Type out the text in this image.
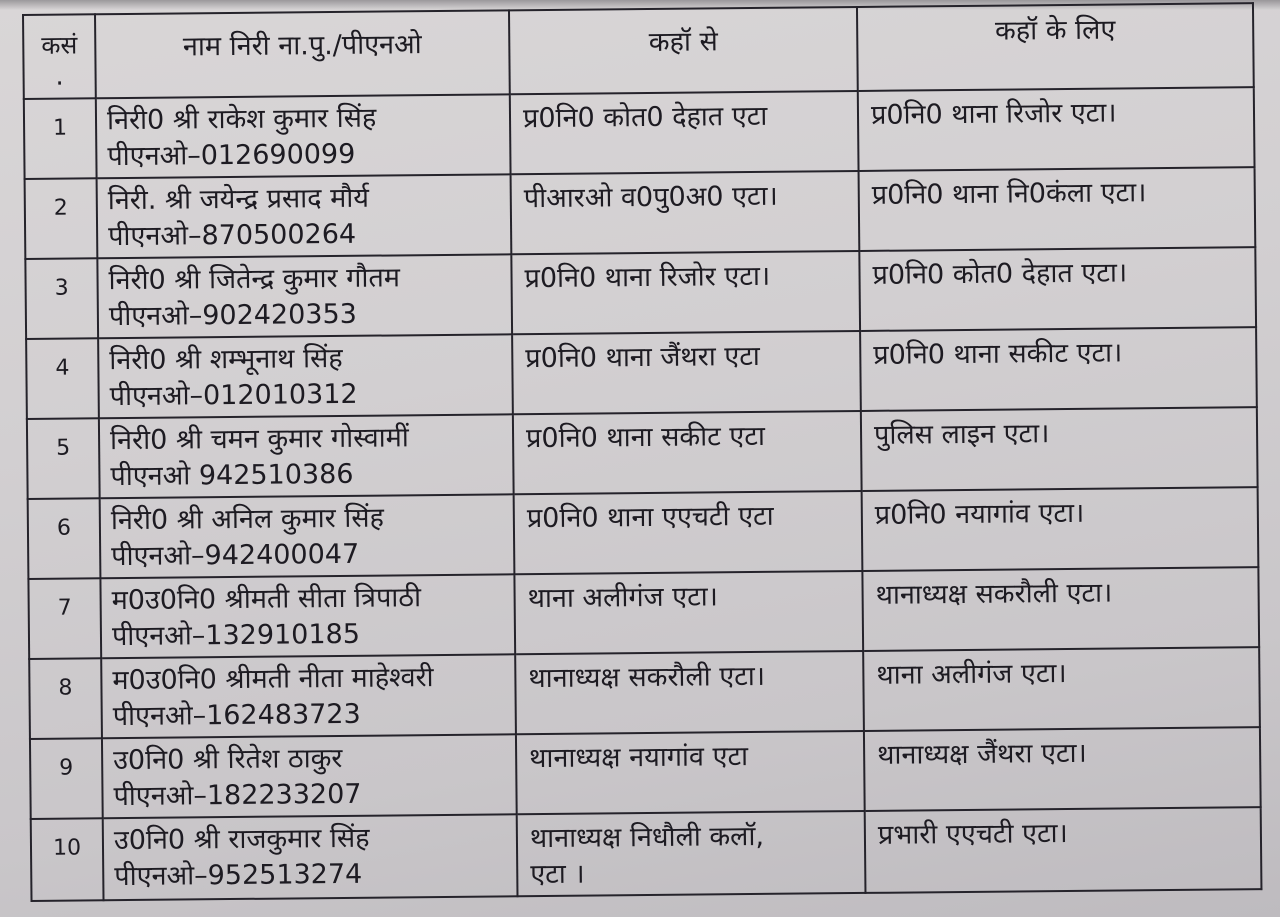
कसं
.	नाम निरी ना.पु./पीएनओ	कहॉ से	कहॉ के लिए
1	निरी0 श्री राकेश कुमार सिंह
पीएनओ–012690099	प्र0नि0 कोत0 देहात एटा	प्र0नि0 थाना रिजोर एटा।

2	निरी. श्री जयेन्द्र प्रसाद मौर्य
पीएनओ–870500264	पीआरओ व0पु0अ0 एटा।	प्र0नि0 थाना नि0कंला एटा।

3	निरी0 श्री जितेन्द्र कुमार गौतम
पीएनओ–902420353	प्र0नि0 थाना रिजोर एटा।	प्र0नि0 कोत0 देहात एटा।

4	निरी0 श्री शम्भूनाथ सिंह
पीएनओ–012010312	प्र0नि0 थाना जैंथरा एटा	प्र0नि0 थाना सकीट एटा।

5	निरी0 श्री चमन कुमार गोस्वामीं
पीएनओ 942510386	प्र0नि0 थाना सकीट एटा	पुलिस लाइन एटा।

6	निरी0 श्री अनिल कुमार सिंह
पीएनओ–942400047	प्र0नि0 थाना एएचटी एटा	प्र0नि0 नयागांव एटा।

7	म0उ0नि0 श्रीमती सीता त्रिपाठी
पीएनओ–132910185	थाना अलीगंज एटा।	थानाध्यक्ष सकरौली एटा।

8	म0उ0नि0 श्रीमती नीता माहेश्वरी
पीएनओ–162483723	थानाध्यक्ष सकरौली एटा।	थाना अलीगंज एटा।

9	उ0नि0 श्री रितेश ठाकुर
पीएनओ–182233207	थानाध्यक्ष नयागांव एटा	थानाध्यक्ष जैंथरा एटा।

10	उ0नि0 श्री राजकुमार सिंह
पीएनओ–952513274	थानाध्यक्ष निधौली कलॉ,
एटा ।	प्रभारी एएचटी एटा।
